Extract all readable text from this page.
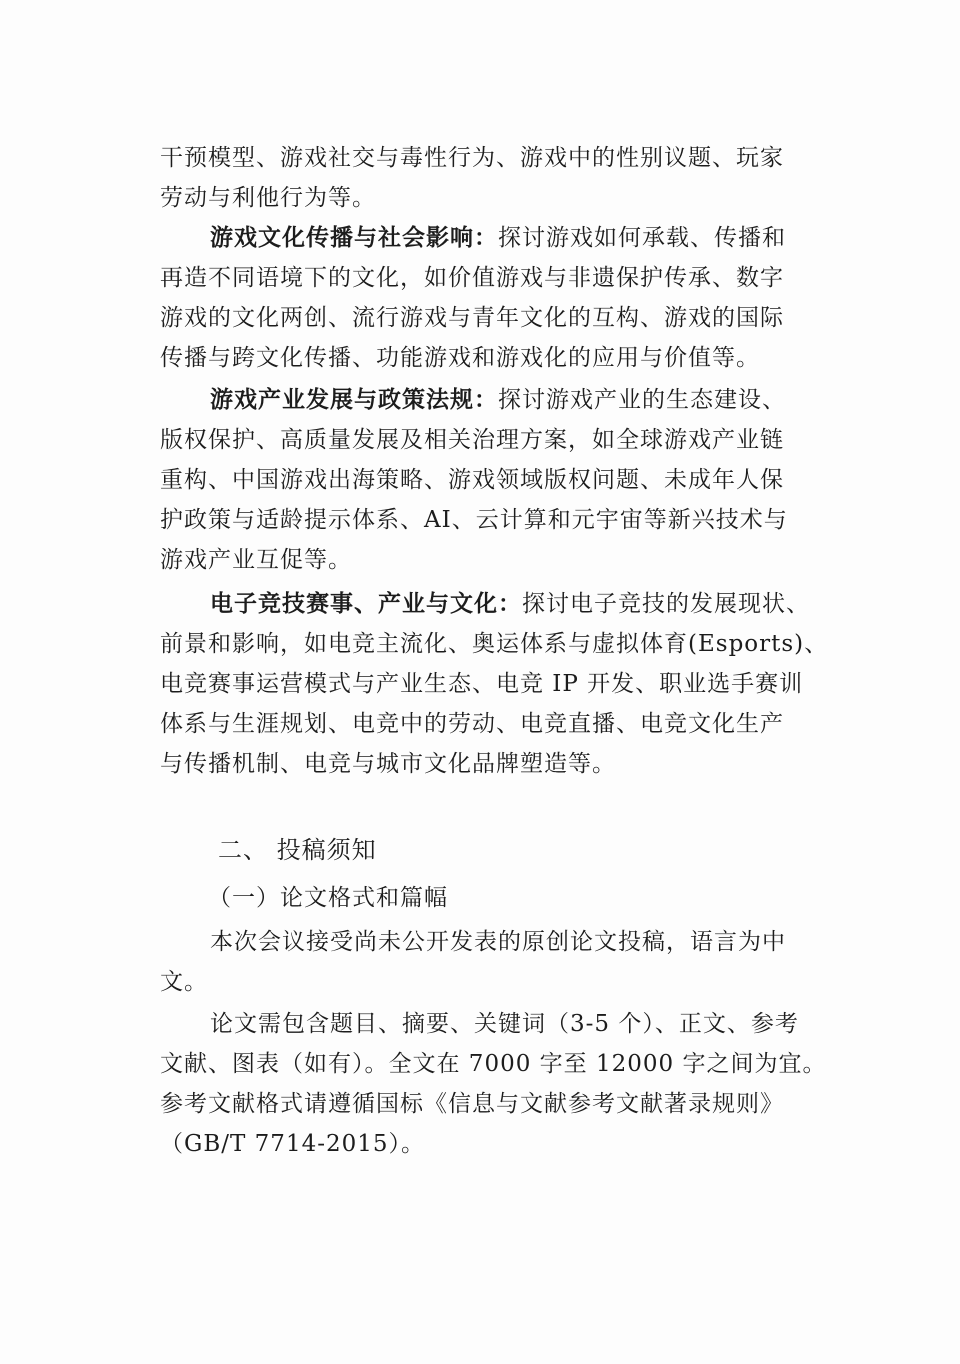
干预模型、游戏社交与毒性行为、游戏中的性别议题、玩家
劳动与利他行为等。
游戏文化传播与社会影响：探讨游戏如何承载、传播和
再造不同语境下的文化，如价值游戏与非遗保护传承、数字
游戏的文化两创、流行游戏与青年文化的互构、游戏的国际
传播与跨文化传播、功能游戏和游戏化的应用与价值等。
游戏产业发展与政策法规：探讨游戏产业的生态建设、
版权保护、高质量发展及相关治理方案，如全球游戏产业链
重构、中国游戏出海策略、游戏领域版权问题、未成年人保
护政策与适龄提示体系、AI、云计算和元宇宙等新兴技术与
游戏产业互促等。
电子竞技赛事、产业与文化：探讨电子竞技的发展现状、
前景和影响，如电竞主流化、奥运体系与虚拟体育(Esports)、
电竞赛事运营模式与产业生态、电竞 IP 开发、职业选手赛训
体系与生涯规划、电竞中的劳动、电竞直播、电竞文化生产
与传播机制、电竞与城市文化品牌塑造等。
二、 投稿须知
（一）论文格式和篇幅
本次会议接受尚未公开发表的原创论文投稿，语言为中
文。
论文需包含题目、摘要、关键词（3-5 个）、正文、参考
文献、图表（如有）。全文在 7000 字至 12000 字之间为宜。
参考文献格式请遵循国标《信息与文献参考文献著录规则》
（GB/T 7714-2015）。
